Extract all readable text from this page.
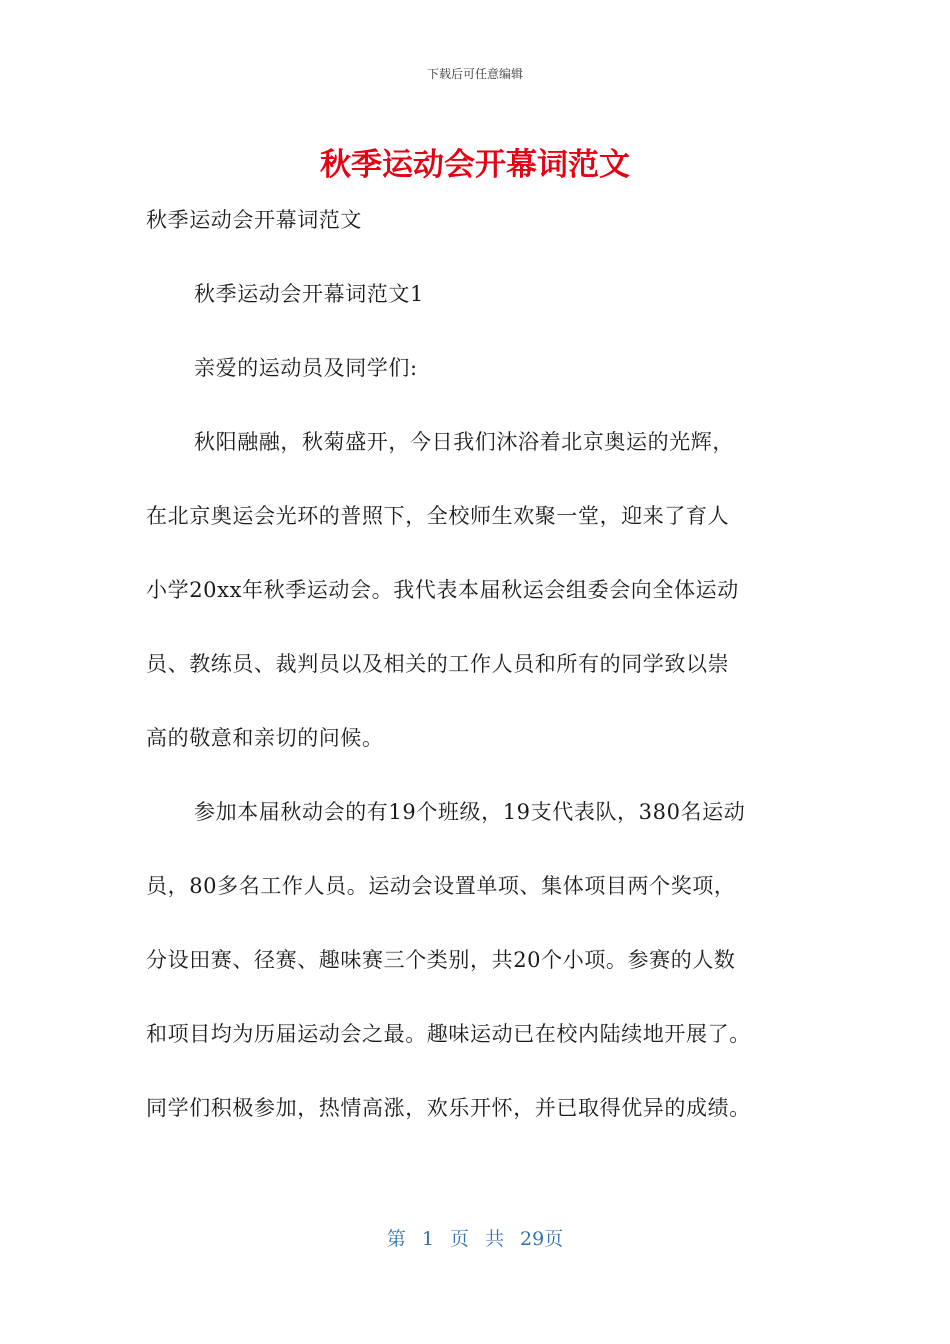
下载后可任意编辑
秋季运动会开幕词范文
秋季运动会开幕词范文
秋季运动会开幕词范文1
亲爱的运动员及同学们:
秋阳融融，秋菊盛开，今日我们沐浴着北京奥运的光辉，
在北京奥运会光环的普照下，全校师生欢聚一堂，迎来了育人
小学20xx年秋季运动会。我代表本届秋运会组委会向全体运动
员、教练员、裁判员以及相关的工作人员和所有的同学致以崇
高的敬意和亲切的问候。
参加本届秋动会的有19个班级，19支代表队，380名运动
员，80多名工作人员。运动会设置单项、集体项目两个奖项，
分设田赛、径赛、趣味赛三个类别，共20个小项。参赛的人数
和项目均为历届运动会之最。趣味运动已在校内陆续地开展了。
同学们积极参加，热情高涨，欢乐开怀，并已取得优异的成绩。
第 1 页 共 29页
